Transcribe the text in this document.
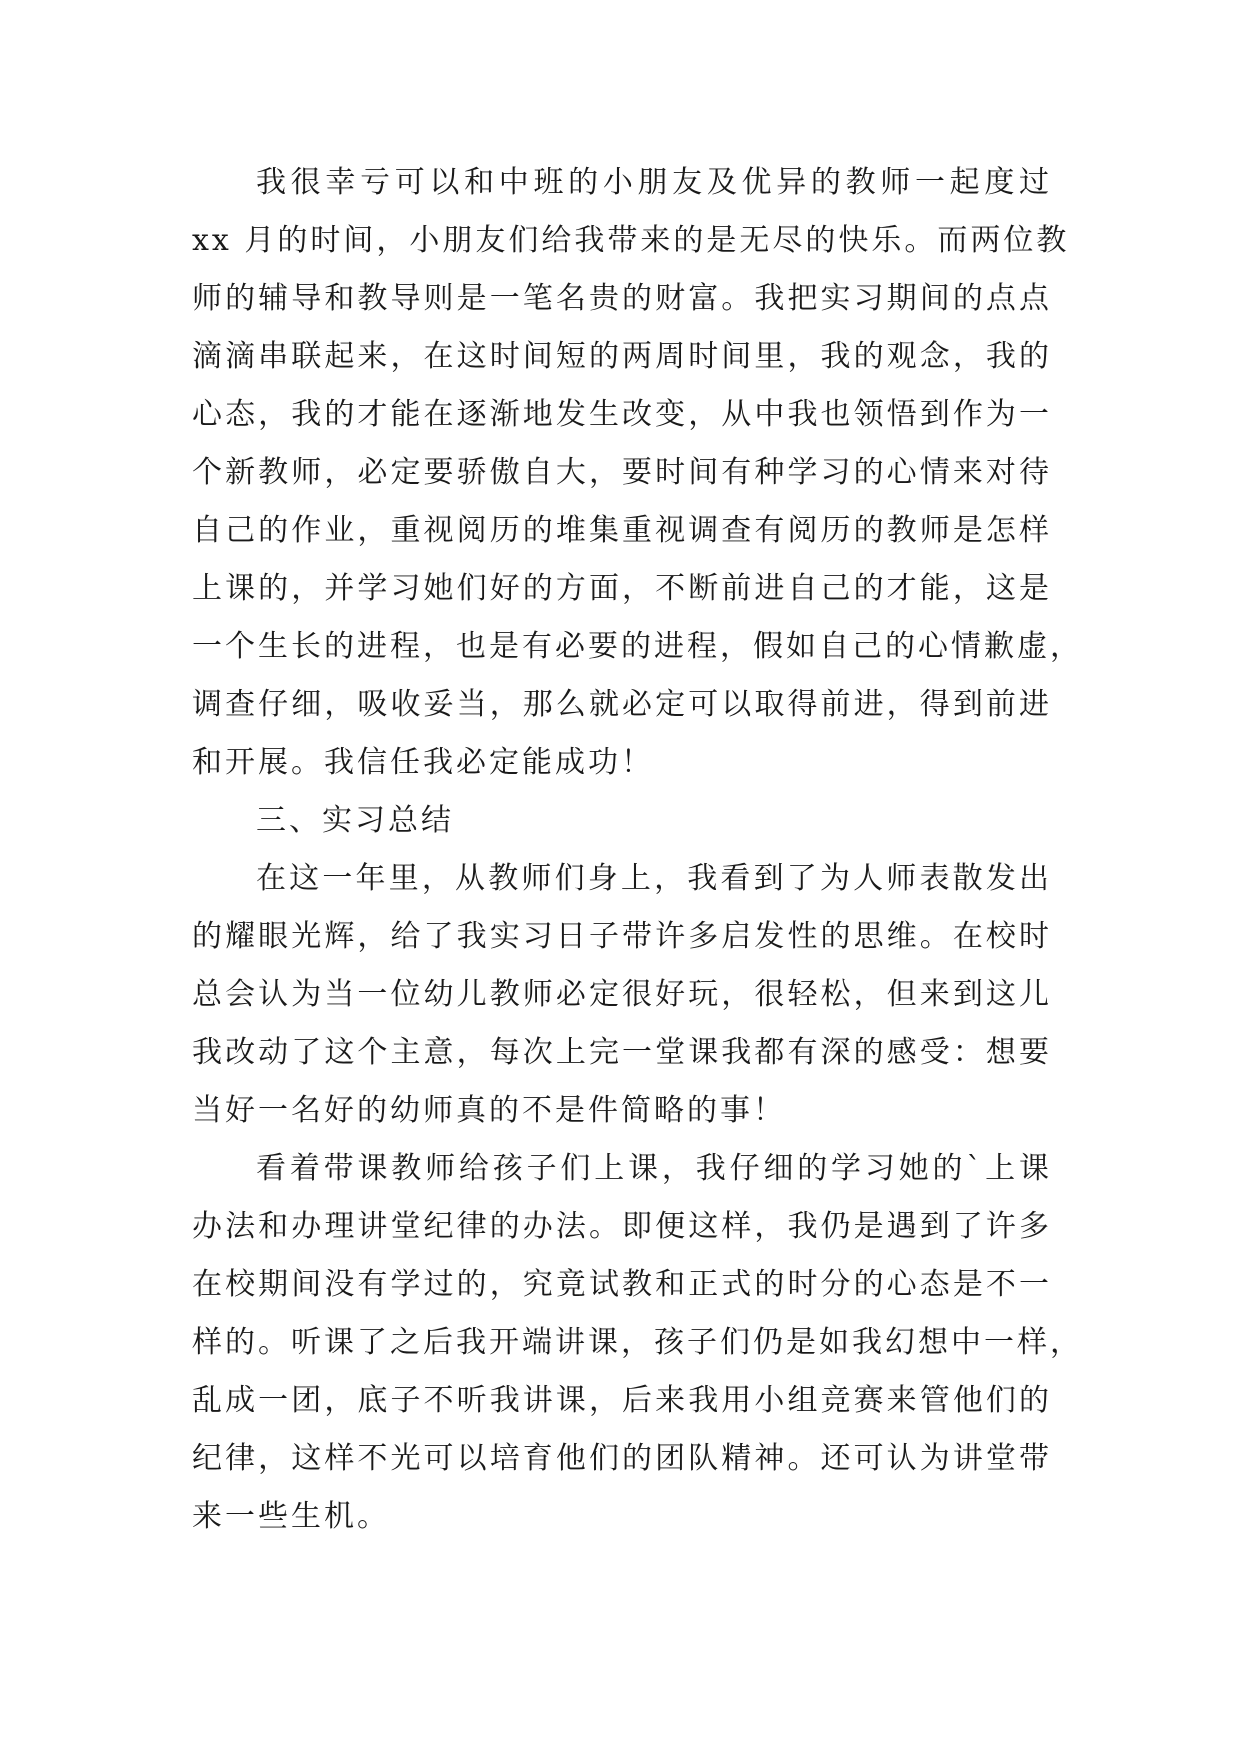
我很幸亏可以和中班的小朋友及优异的教师一起度过
xx 月的时间，小朋友们给我带来的是无尽的快乐。而两位教
师的辅导和教导则是一笔名贵的财富。我把实习期间的点点
滴滴串联起来，在这时间短的两周时间里，我的观念，我的
心态，我的才能在逐渐地发生改变，从中我也领悟到作为一
个新教师，必定要骄傲自大，要时间有种学习的心情来对待
自己的作业，重视阅历的堆集重视调查有阅历的教师是怎样
上课的，并学习她们好的方面，不断前进自己的才能，这是
一个生长的进程，也是有必要的进程，假如自己的心情歉虚，
调查仔细，吸收妥当，那么就必定可以取得前进，得到前进
和开展。我信任我必定能成功！
三、实习总结
在这一年里，从教师们身上，我看到了为人师表散发出
的耀眼光辉，给了我实习日子带许多启发性的思维。在校时
总会认为当一位幼儿教师必定很好玩，很轻松，但来到这儿
我改动了这个主意，每次上完一堂课我都有深的感受：想要
当好一名好的幼师真的不是件简略的事！
看着带课教师给孩子们上课，我仔细的学习她的`上课
办法和办理讲堂纪律的办法。即便这样，我仍是遇到了许多
在校期间没有学过的，究竟试教和正式的时分的心态是不一
样的。听课了之后我开端讲课，孩子们仍是如我幻想中一样，
乱成一团，底子不听我讲课，后来我用小组竞赛来管他们的
纪律，这样不光可以培育他们的团队精神。还可认为讲堂带
来一些生机。
